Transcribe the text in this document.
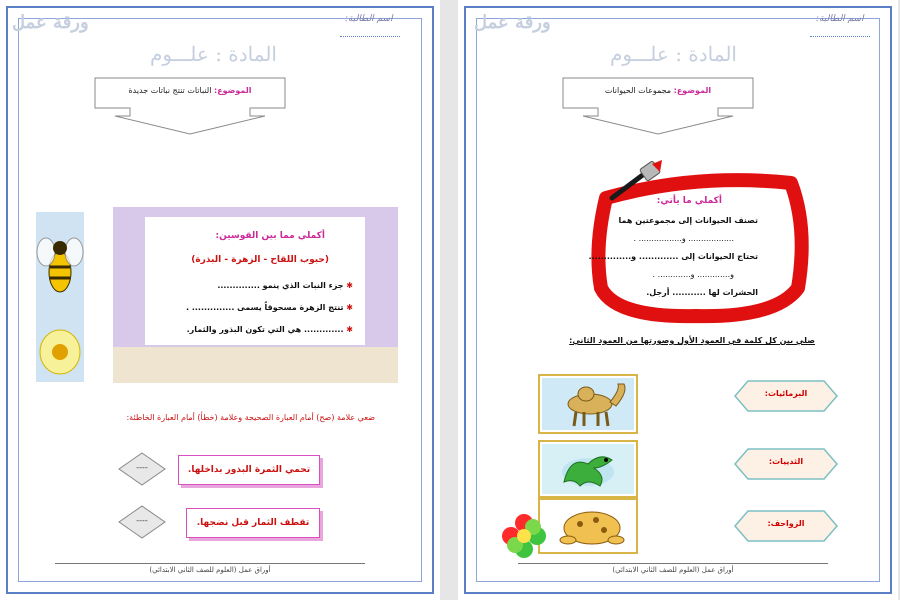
ورقة عمل	اسم الطالبة:
المادة : علـــوم
الموضوع: النباتات تنتج نباتات جديدة
أكملي مما بين القوسين:
(حبوب اللقاح - الزهرة - البذرة)
✱ جزء النبات الذي ينمو ..............
✱ تنتج الزهرة مسحوقاً يسمى .............. .
✱ ............. هي التي تكون البذور والثمار.
ضعي علامة (صح) أمام العبارة الصحيحة وعلامة (خطأ) أمام العبارة الخاطئة:
تحمي الثمرة البذور بداخلها.
----
تقطف الثمار قبل نضجها.
----
أوراق عمل (العلوم للصف الثاني الابتدائي)
ورقة عمل	اسم الطالبة:
المادة : علـــوم
الموضوع: مجموعات الحيوانات
أكملي ما يأتي:
تصنف الحيوانات إلى مجموعتين هما
.................. و................. .
تحتاج الحيوانات إلى ............. و..............
و............. و............. .
الحشرات لها ........... أرجل.
صلي بين كل كلمة في العمود الأول وصورتها من العمود الثاني:
البرمائيات:
الثدييات:
الزواحف:
أوراق عمل (العلوم للصف الثاني الابتدائي)
